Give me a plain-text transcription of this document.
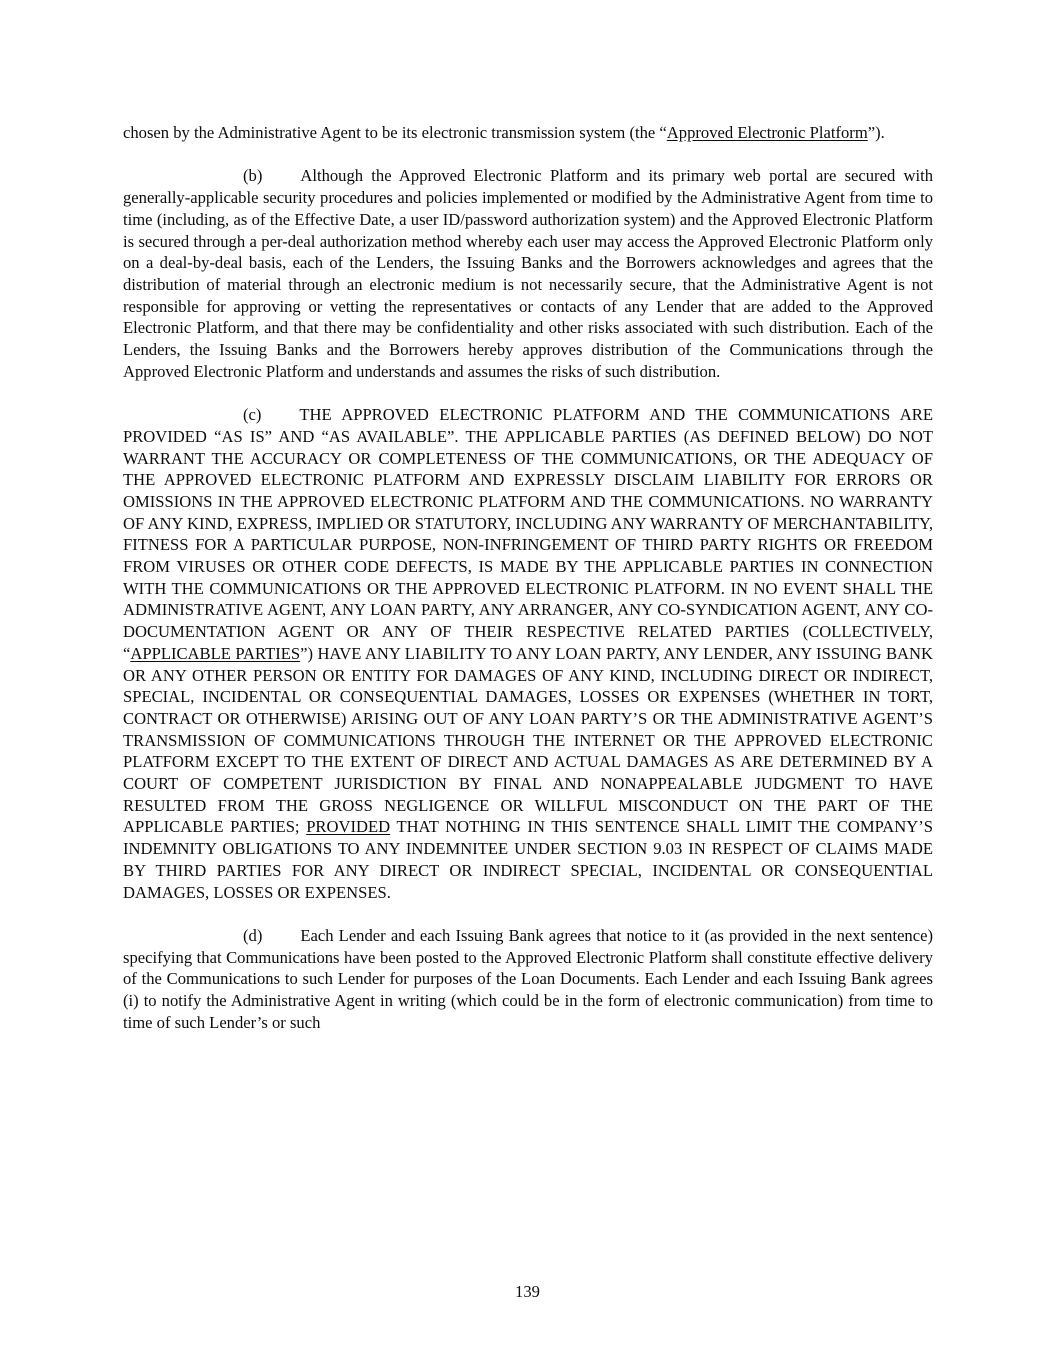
chosen by the Administrative Agent to be its electronic transmission system (the “Approved Electronic Platform”).

(b) Although the Approved Electronic Platform and its primary web portal are secured with generally-applicable security procedures and policies implemented or modified by the Administrative Agent from time to time (including, as of the Effective Date, a user ID/password authorization system) and the Approved Electronic Platform is secured through a per-deal authorization method whereby each user may access the Approved Electronic Platform only on a deal-by-deal basis, each of the Lenders, the Issuing Banks and the Borrowers acknowledges and agrees that the distribution of material through an electronic medium is not necessarily secure, that the Administrative Agent is not responsible for approving or vetting the representatives or contacts of any Lender that are added to the Approved Electronic Platform, and that there may be confidentiality and other risks associated with such distribution. Each of the Lenders, the Issuing Banks and the Borrowers hereby approves distribution of the Communications through the Approved Electronic Platform and understands and assumes the risks of such distribution.

(c) THE APPROVED ELECTRONIC PLATFORM AND THE COMMUNICATIONS ARE PROVIDED “AS IS” AND “AS AVAILABLE”. THE APPLICABLE PARTIES (AS DEFINED BELOW) DO NOT WARRANT THE ACCURACY OR COMPLETENESS OF THE COMMUNICATIONS, OR THE ADEQUACY OF THE APPROVED ELECTRONIC PLATFORM AND EXPRESSLY DISCLAIM LIABILITY FOR ERRORS OR OMISSIONS IN THE APPROVED ELECTRONIC PLATFORM AND THE COMMUNICATIONS. NO WARRANTY OF ANY KIND, EXPRESS, IMPLIED OR STATUTORY, INCLUDING ANY WARRANTY OF MERCHANTABILITY, FITNESS FOR A PARTICULAR PURPOSE, NON-INFRINGEMENT OF THIRD PARTY RIGHTS OR FREEDOM FROM VIRUSES OR OTHER CODE DEFECTS, IS MADE BY THE APPLICABLE PARTIES IN CONNECTION WITH THE COMMUNICATIONS OR THE APPROVED ELECTRONIC PLATFORM. IN NO EVENT SHALL THE ADMINISTRATIVE AGENT, ANY LOAN PARTY, ANY ARRANGER, ANY CO-SYNDICATION AGENT, ANY CO-DOCUMENTATION AGENT OR ANY OF THEIR RESPECTIVE RELATED PARTIES (COLLECTIVELY, “APPLICABLE PARTIES”) HAVE ANY LIABILITY TO ANY LOAN PARTY, ANY LENDER, ANY ISSUING BANK OR ANY OTHER PERSON OR ENTITY FOR DAMAGES OF ANY KIND, INCLUDING DIRECT OR INDIRECT, SPECIAL, INCIDENTAL OR CONSEQUENTIAL DAMAGES, LOSSES OR EXPENSES (WHETHER IN TORT, CONTRACT OR OTHERWISE) ARISING OUT OF ANY LOAN PARTY’S OR THE ADMINISTRATIVE AGENT’S TRANSMISSION OF COMMUNICATIONS THROUGH THE INTERNET OR THE APPROVED ELECTRONIC PLATFORM EXCEPT TO THE EXTENT OF DIRECT AND ACTUAL DAMAGES AS ARE DETERMINED BY A COURT OF COMPETENT JURISDICTION BY FINAL AND NONAPPEALABLE JUDGMENT TO HAVE RESULTED FROM THE GROSS NEGLIGENCE OR WILLFUL MISCONDUCT ON THE PART OF THE APPLICABLE PARTIES; PROVIDED THAT NOTHING IN THIS SENTENCE SHALL LIMIT THE COMPANY’S INDEMNITY OBLIGATIONS TO ANY INDEMNITEE UNDER SECTION 9.03 IN RESPECT OF CLAIMS MADE BY THIRD PARTIES FOR ANY DIRECT OR INDIRECT SPECIAL, INCIDENTAL OR CONSEQUENTIAL DAMAGES, LOSSES OR EXPENSES.

(d) Each Lender and each Issuing Bank agrees that notice to it (as provided in the next sentence) specifying that Communications have been posted to the Approved Electronic Platform shall constitute effective delivery of the Communications to such Lender for purposes of the Loan Documents. Each Lender and each Issuing Bank agrees (i) to notify the Administrative Agent in writing (which could be in the form of electronic communication) from time to time of such Lender’s or such

139
